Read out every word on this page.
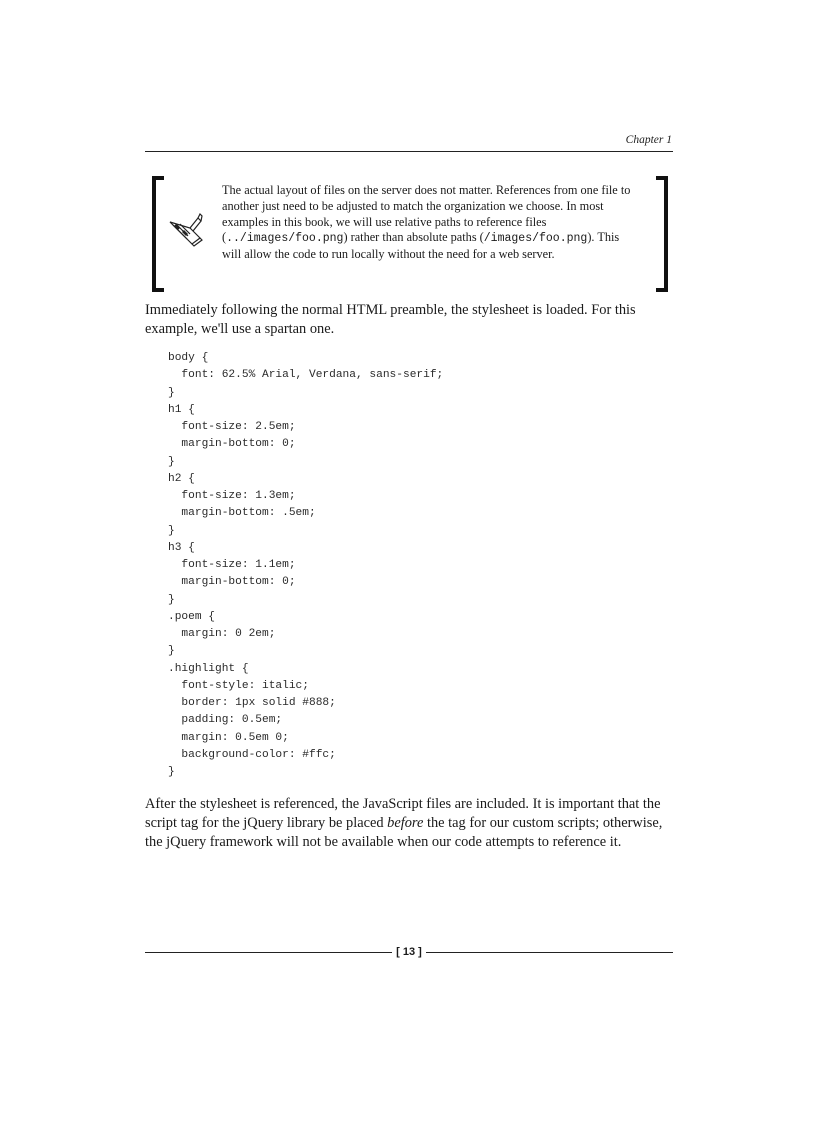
Chapter 1
The actual layout of files on the server does not matter. References from one file to another just need to be adjusted to match the organization we choose. In most examples in this book, we will use relative paths to reference files (../images/foo.png) rather than absolute paths (/images/foo.png). This will allow the code to run locally without the need for a web server.

Immediately following the normal HTML preamble, the stylesheet is loaded. For this example, we'll use a spartan one.

body {
font: 62.5% Arial, Verdana, sans-serif;
}
h1 {
font-size: 2.5em;
margin-bottom: 0;
}
h2 {
font-size: 1.3em;
margin-bottom: .5em;
}
h3 {
font-size: 1.1em;
margin-bottom: 0;
}
.poem {
margin: 0 2em;
}
.highlight {
font-style: italic;
border: 1px solid #888;
padding: 0.5em;
margin: 0.5em 0;
background-color: #ffc;
}

After the stylesheet is referenced, the JavaScript files are included. It is important that the script tag for the jQuery library be placed before the tag for our custom scripts; otherwise, the jQuery framework will not be available when our code attempts to reference it.

[ 13 ]
